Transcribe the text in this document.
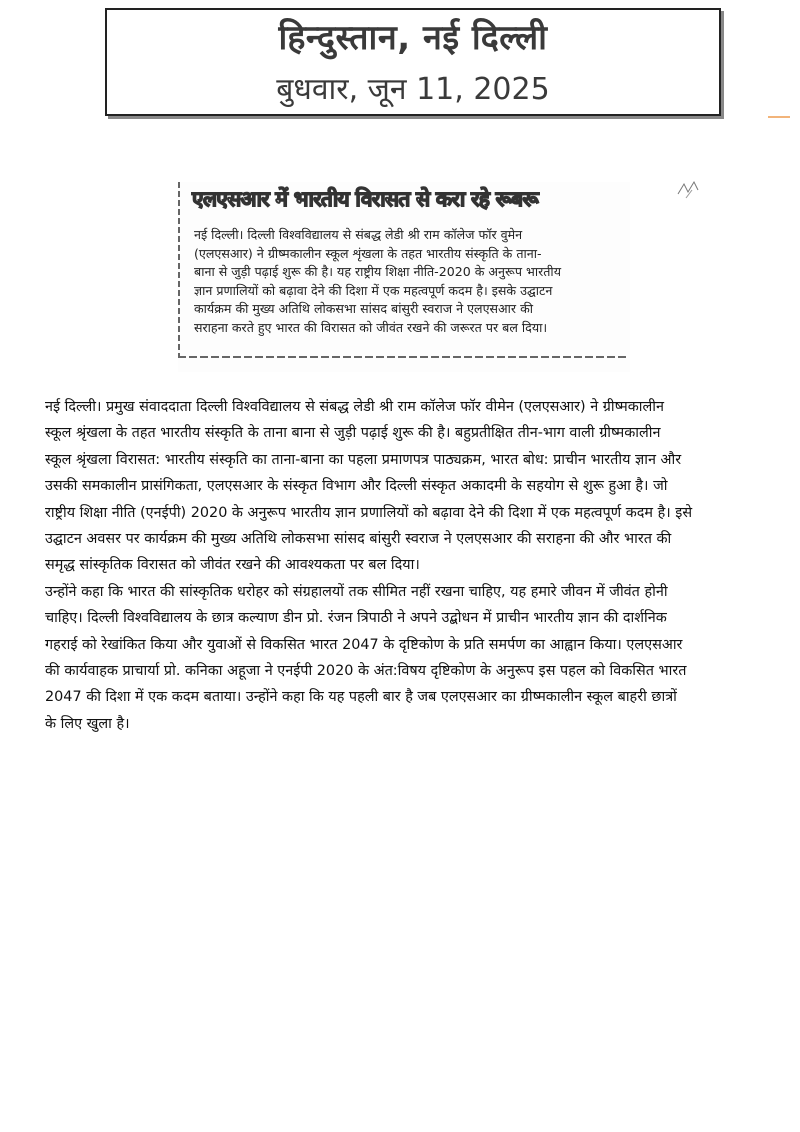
हिन्दुस्तान, नई दिल्ली
बुधवार, जून 11, 2025
एलएसआर में भारतीय विरासत से करा रहे रूबरू
नई दिल्ली। दिल्ली विश्वविद्यालय से संबद्ध लेडी श्री राम कॉलेज फॉर वुमेन
(एलएसआर) ने ग्रीष्मकालीन स्कूल शृंखला के तहत भारतीय संस्कृति के ताना-
बाना से जुड़ी पढ़ाई शुरू की है। यह राष्ट्रीय शिक्षा नीति-2020 के अनुरूप भारतीय
ज्ञान प्रणालियों को बढ़ावा देने की दिशा में एक महत्वपूर्ण कदम है। इसके उद्घाटन
कार्यक्रम की मुख्य अतिथि लोकसभा सांसद बांसुरी स्वराज ने एलएसआर की
सराहना करते हुए भारत की विरासत को जीवंत रखने की जरूरत पर बल दिया।
नई दिल्ली। प्रमुख संवाददाता दिल्ली विश्वविद्यालय से संबद्ध लेडी श्री राम कॉलेज फॉर वीमेन (एलएसआर) ने ग्रीष्मकालीन
स्कूल श्रृंखला के तहत भारतीय संस्कृति के ताना बाना से जुड़ी पढ़ाई शुरू की है। बहुप्रतीक्षित तीन-भाग वाली ग्रीष्मकालीन
स्कूल श्रृंखला विरासत: भारतीय संस्कृति का ताना-बाना का पहला प्रमाणपत्र पाठ्यक्रम, भारत बोध: प्राचीन भारतीय ज्ञान और
उसकी समकालीन प्रासंगिकता, एलएसआर के संस्कृत विभाग और दिल्ली संस्कृत अकादमी के सहयोग से शुरू हुआ है। जो
राष्ट्रीय शिक्षा नीति (एनईपी) 2020 के अनुरूप भारतीय ज्ञान प्रणालियों को बढ़ावा देने की दिशा में एक महत्वपूर्ण कदम है। इसे
उद्घाटन अवसर पर कार्यक्रम की मुख्य अतिथि लोकसभा सांसद बांसुरी स्वराज ने एलएसआर की सराहना की और भारत की
समृद्ध सांस्कृतिक विरासत को जीवंत रखने की आवश्यकता पर बल दिया।
उन्होंने कहा कि भारत की सांस्कृतिक धरोहर को संग्रहालयों तक सीमित नहीं रखना चाहिए, यह हमारे जीवन में जीवंत होनी
चाहिए। दिल्ली विश्वविद्यालय के छात्र कल्याण डीन प्रो. रंजन त्रिपाठी ने अपने उद्बोधन में प्राचीन भारतीय ज्ञान की दार्शनिक
गहराई को रेखांकित किया और युवाओं से विकसित भारत 2047 के दृष्टिकोण के प्रति समर्पण का आह्वान किया। एलएसआर
की कार्यवाहक प्राचार्या प्रो. कनिका अहूजा ने एनईपी 2020 के अंत:विषय दृष्टिकोण के अनुरूप इस पहल को विकसित भारत
2047 की दिशा में एक कदम बताया। उन्होंने कहा कि यह पहली बार है जब एलएसआर का ग्रीष्मकालीन स्कूल बाहरी छात्रों
के लिए खुला है।
